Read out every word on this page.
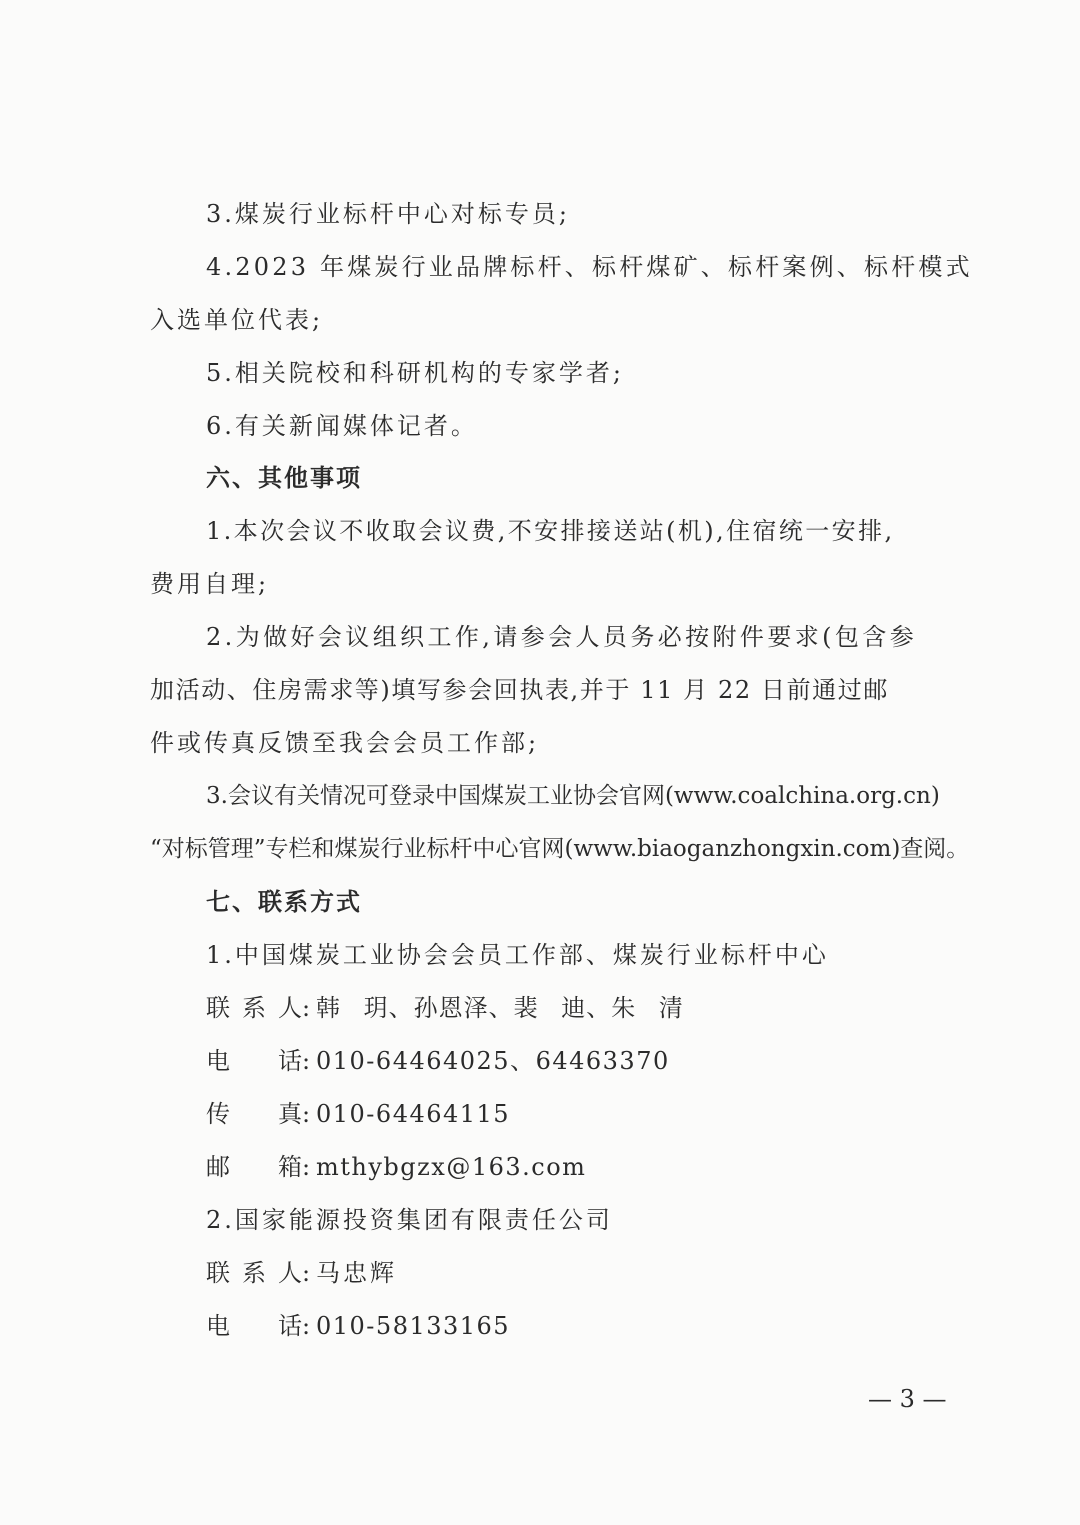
3.煤炭行业标杆中心对标专员;
4.2023 年煤炭行业品牌标杆、标杆煤矿、标杆案例、标杆模式
入选单位代表;
5.相关院校和科研机构的专家学者;
6.有关新闻媒体记者。
六、其他事项
1.本次会议不收取会议费,不安排接送站(机),住宿统一安排,
费用自理;
2.为做好会议组织工作,请参会人员务必按附件要求(包含参
加活动、住房需求等)填写参会回执表,并于 11 月 22 日前通过邮
件或传真反馈至我会会员工作部;
3.会议有关情况可登录中国煤炭工业协会官网(www.coalchina.org.cn)
“对标管理”专栏和煤炭行业标杆中心官网(www.biaoganzhongxin.com)查阅。
七、联系方式
1.中国煤炭工业协会会员工作部、煤炭行业标杆中心
联系人 : 韩 玥、孙恩泽、裴 迪、朱 清
电话 : 010-64464025、64463370
传真 : 010-64464115
邮箱 : mthybgzx@163.com
2.国家能源投资集团有限责任公司
联系人 : 马忠辉
电话 : 010-58133165
— 3 —
